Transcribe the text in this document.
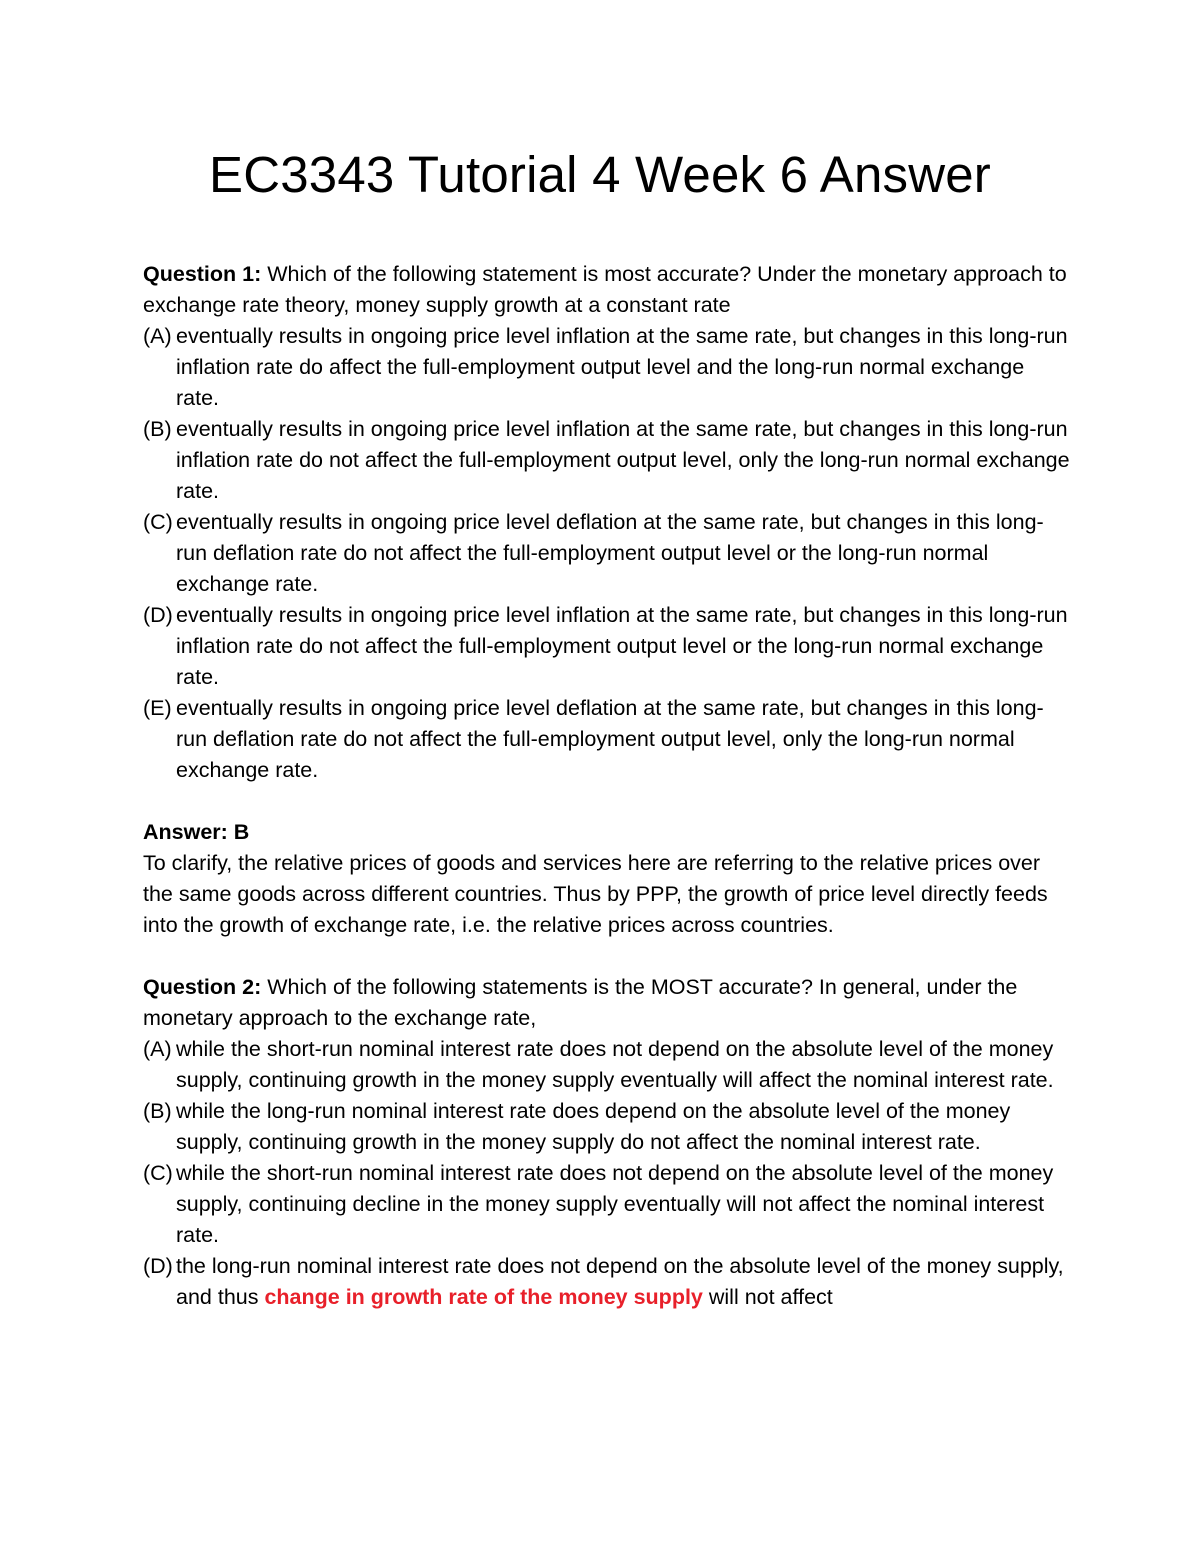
EC3343 Tutorial 4 Week 6 Answer

Question 1: Which of the following statement is most accurate? Under the monetary approach to exchange rate theory, money supply growth at a constant rate

(A) eventually results in ongoing price level inflation at the same rate, but changes in this long-run inflation rate do affect the full-employment output level and the long-run normal exchange rate.

(B) eventually results in ongoing price level inflation at the same rate, but changes in this long-run inflation rate do not affect the full-employment output level, only the long-run normal exchange rate.

(C) eventually results in ongoing price level deflation at the same rate, but changes in this long-run deflation rate do not affect the full-employment output level or the long-run normal exchange rate.

(D) eventually results in ongoing price level inflation at the same rate, but changes in this long-run inflation rate do not affect the full-employment output level or the long-run normal exchange rate.

(E) eventually results in ongoing price level deflation at the same rate, but changes in this long-run deflation rate do not affect the full-employment output level, only the long-run normal exchange rate.

Answer: B

To clarify, the relative prices of goods and services here are referring to the relative prices over the same goods across different countries. Thus by PPP, the growth of price level directly feeds into the growth of exchange rate, i.e. the relative prices across countries.

Question 2: Which of the following statements is the MOST accurate? In general, under the monetary approach to the exchange rate,

(A) while the short-run nominal interest rate does not depend on the absolute level of the money supply, continuing growth in the money supply eventually will affect the nominal interest rate.

(B) while the long-run nominal interest rate does depend on the absolute level of the money supply, continuing growth in the money supply do not affect the nominal interest rate.

(C) while the short-run nominal interest rate does not depend on the absolute level of the money supply, continuing decline in the money supply eventually will not affect the nominal interest rate.

(D) the long-run nominal interest rate does not depend on the absolute level of the money supply, and thus change in growth rate of the money supply will not affect
